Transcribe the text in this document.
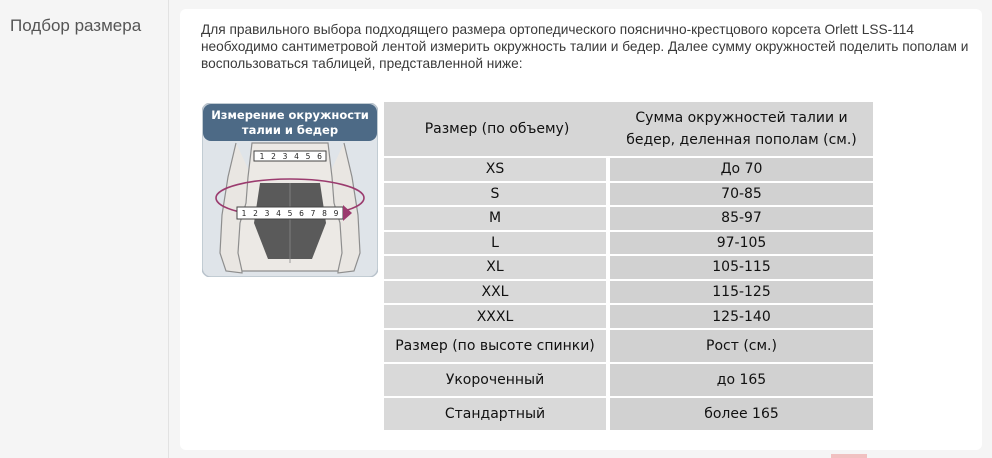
Подбор размера	Для правильного выбора подходящего размера ортопедического пояснично-крестцового корсета Orlett LSS-114 необходимо сантиметровой лентой измерить окружность талии и бедер. Далее сумму окружностей поделить пополам и воспользоваться таблицей, представленной ниже:
Измерение окружности
талии и бедер
1 2 3 4 5 6
1 2 3 4 5 6 7 8 9
Размер (по объему)	Сумма окружностей талии и бедер, деленная пополам (см.)
XS	До 70
S	70-85
M	85-97
L	97-105
XL	105-115
XXL	115-125
XXXL	125-140
Размер (по высоте спинки)	Рост (см.)
Укороченный	до 165
Стандартный	более 165
